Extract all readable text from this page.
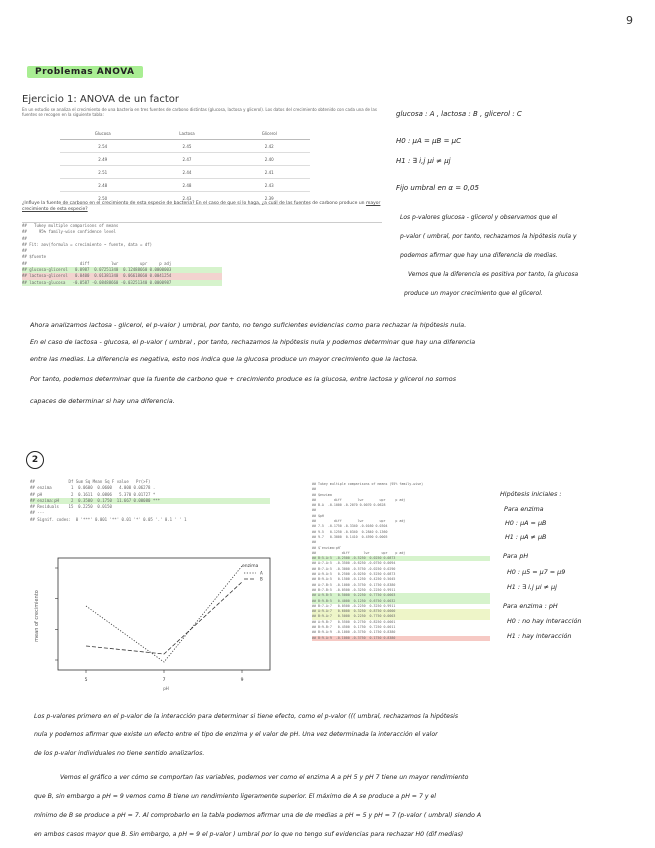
9
Problemas ANOVA
Ejercicio 1: ANOVA de un factor
En un estudio se analiza el crecimiento de una bacteria en tres fuentes de carbono distintas (glucosa, lactosa y glicerol). Los datos del crecimiento obtenido con cada una de las fuentes se recogen en la siguiente tabla:
Glucosa	Lactosa	Glicerol
2.54	2.45	2.42
2.49	2.47	2.40
2.51	2.44	2.41
2.48	2.48	2.43
2.50	2.43	2.39
¿Influye la fuente de carbono en el crecimiento de esta especie de bacteria? En el caso de que sí lo haga, ¿a cuál de las fuentes de carbono produce un mayor crecimiento de esta especie?
##   Tukey multiple comparisons of means
##     95% family-wise confidence level
##
## Fit: aov(formula = crecimiento ~ fuente, data = df)
##
## $fuente
##                      diff         lwr         upr     p adj
## glucosa-glicerol   0.0987  0.07251340  0.12488660 0.0000003
## lactosa-glicerol   0.0400  0.01381340  0.06618660 0.0041254
## lactosa-glucosa   -0.0587 -0.08488660 -0.03251340 0.0000987
glucosa : A , lactosa : B , glicerol : C
H0 : μA = μB = μC
H1 : ∃ i,j μi ≠ μj
Fijo umbral en α = 0,05
Los p-valores glucosa - glicerol y observamos que el
p-valor ( umbral, por tanto, rechazamos la hipótesis nula y
podemos afirmar que hay una diferencia de medias.
Vemos que la diferencia es positiva por tanto, la glucosa
produce un mayor crecimiento que el glicerol.
Ahora analizamos lactosa - glicerol, el p-valor ) umbral, por tanto, no tengo suficientes evidencias como para rechazar la hipótesis nula.
En el caso de lactosa - glucosa, el p-valor ( umbral , por tanto, rechazamos la hipótesis nula y podemos determinar que hay una diferencia
entre las medias. La diferencia es negativa, esto nos indica que la glucosa produce un mayor crecimiento que la lactosa.
Por tanto, podemos determinar que la fuente de carbono que + crecimiento produce es la glucosa, entre lactosa y glicerol no somos
capaces de determinar si hay una diferencia.
2
##              Df Sum Sq Mean Sq F value   Pr(>F)
## enzima        1  0.0600  0.0600   4.000 0.06278 .
## pH            2  0.1611  0.0806   5.370 0.01727 *
## enzima:pH     2  0.3500  0.1750  11.667 0.00080 ***
## Residuals    15  0.2250  0.0150
## ---
## Signif. codes:  0 '***' 0.001 '**' 0.01 '*' 0.05 '.' 0.1 ' ' 1
A
B
5	7	9
mean of crecimiento
pH
enzima
## Tukey multiple comparisons of means (95% family-wise)
##
## $enzima
##         diff        lwr        upr     p adj
## B-A  -0.1000 -0.2070 0.0070 0.0628
##
## $pH
##         diff        lwr        upr     p adj
## 7-5  -0.1750 -0.3340 -0.0160 0.0304
## 9-5   0.1250 -0.0340  0.2840 0.1360
## 9-7   0.3000  0.1410  0.4590 0.0005
##
## $`enzima:pH`
##             diff       lwr      upr    p adj
## B:5-A:5  -0.2500 -0.5250  0.0250 0.0873
## A:7-A:5  -0.3500 -0.6250 -0.0750 0.0094
## B:7-A:5  -0.3000 -0.5750 -0.0250 0.0290
## A:9-A:5   0.2500 -0.0250  0.5250 0.0873
## B:9-A:5   0.1500 -0.1250  0.4250 0.5045
## A:7-B:5  -0.1000 -0.3750  0.1750 0.8380
## B:7-B:5  -0.0500 -0.3250  0.2250 0.9911
## A:9-B:5   0.5000  0.2250  0.7750 0.0003
## B:9-B:5   0.4000  0.1250  0.6750 0.0032
## B:7-A:7   0.0500 -0.2250  0.3250 0.9911
## A:9-A:7   0.6000  0.3250  0.8750 0.0000
## B:9-A:7   0.5000  0.2250  0.7750 0.0003
## A:9-B:7   0.5500  0.2750  0.8250 0.0001
## B:9-B:7   0.4500  0.1750  0.7250 0.0011
## B:9-A:9  -0.1000 -0.3750  0.1750 0.8380
## B:9-A:9  -0.1000 -0.3750  0.1750 0.8380
Hipótesis iniciales :
Para enzima
H0 : μA = μB
H1 : μA ≠ μB
Para pH
H0 : μ5 = μ7 = μ9
H1 : ∃ i,j μi ≠ μj
Para enzima : pH
H0 : no hay interacción
H1 : hay interacción
Los p-valores primero en el p-valor de la interacción para determinar si tiene efecto, como el p-valor ((( umbral, rechazamos la hipótesis
nula y podemos afirmar que existe un efecto entre el tipo de enzima y el valor de pH. Una vez determinada la interacción el valor
de los p-valor individuales no tiene sentido analizarlos.
Vemos el gráfico a ver cómo se comportan las variables, podemos ver como el enzima A a pH 5 y pH 7 tiene un mayor rendimiento
que B, sin embargo a pH = 9 vemos como B tiene un rendimiento ligeramente superior. El máximo de A se produce a pH = 7 y el
mínimo de B se produce a pH = 7. Al comprobarlo en la tabla podemos afirmar una de de medias a pH = 5 y pH = 7 (p-valor ( umbral) siendo A
en ambos casos mayor que B. Sin embargo, a pH = 9 el p-valor ) umbral por lo que no tengo suf evidencias para rechazar H0 (dif medias)
